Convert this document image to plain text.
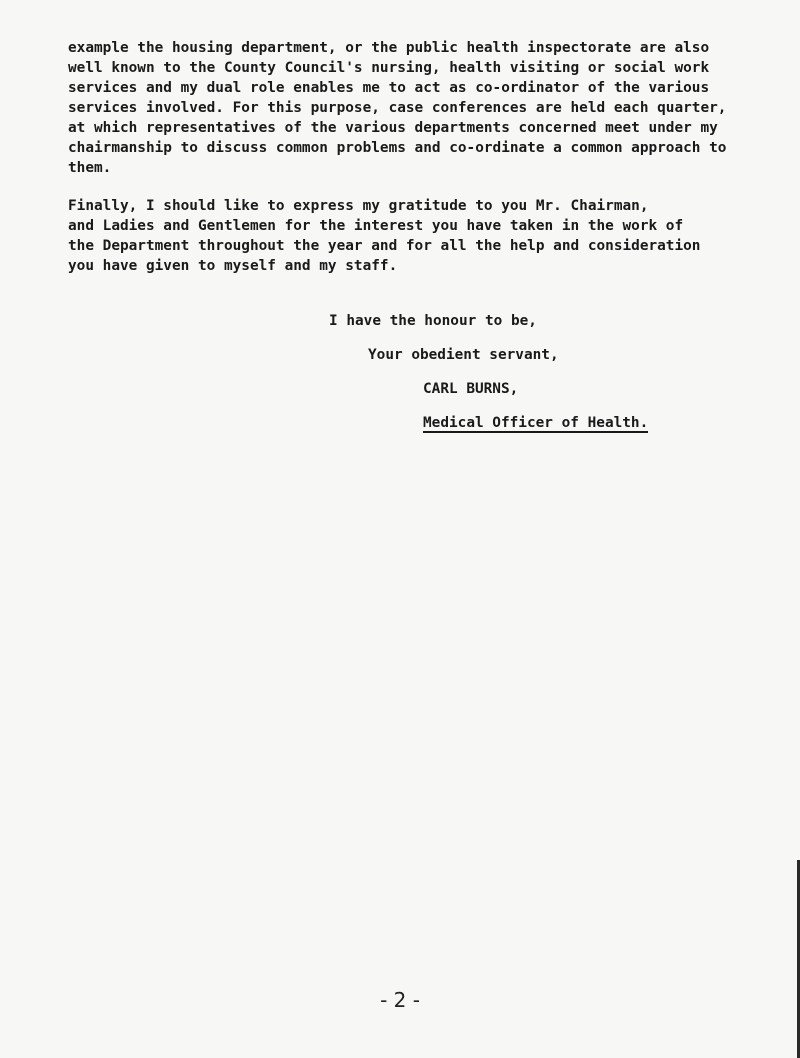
example the housing department, or the public health inspectorate are also
well known to the County Council's nursing, health visiting or social work
services and my dual role enables me to act as co-ordinator of the various
services involved. For this purpose, case conferences are held each quarter,
at which representatives of the various departments concerned meet under my
chairmanship to discuss common problems and co-ordinate a common approach to
them.
Finally, I should like to express my gratitude to you Mr. Chairman,
and Ladies and Gentlemen for the interest you have taken in the work of
the Department throughout the year and for all the help and consideration
you have given to myself and my staff.
I have the honour to be,
Your obedient servant,
CARL BURNS,
Medical Officer of Health.
- 2 -
